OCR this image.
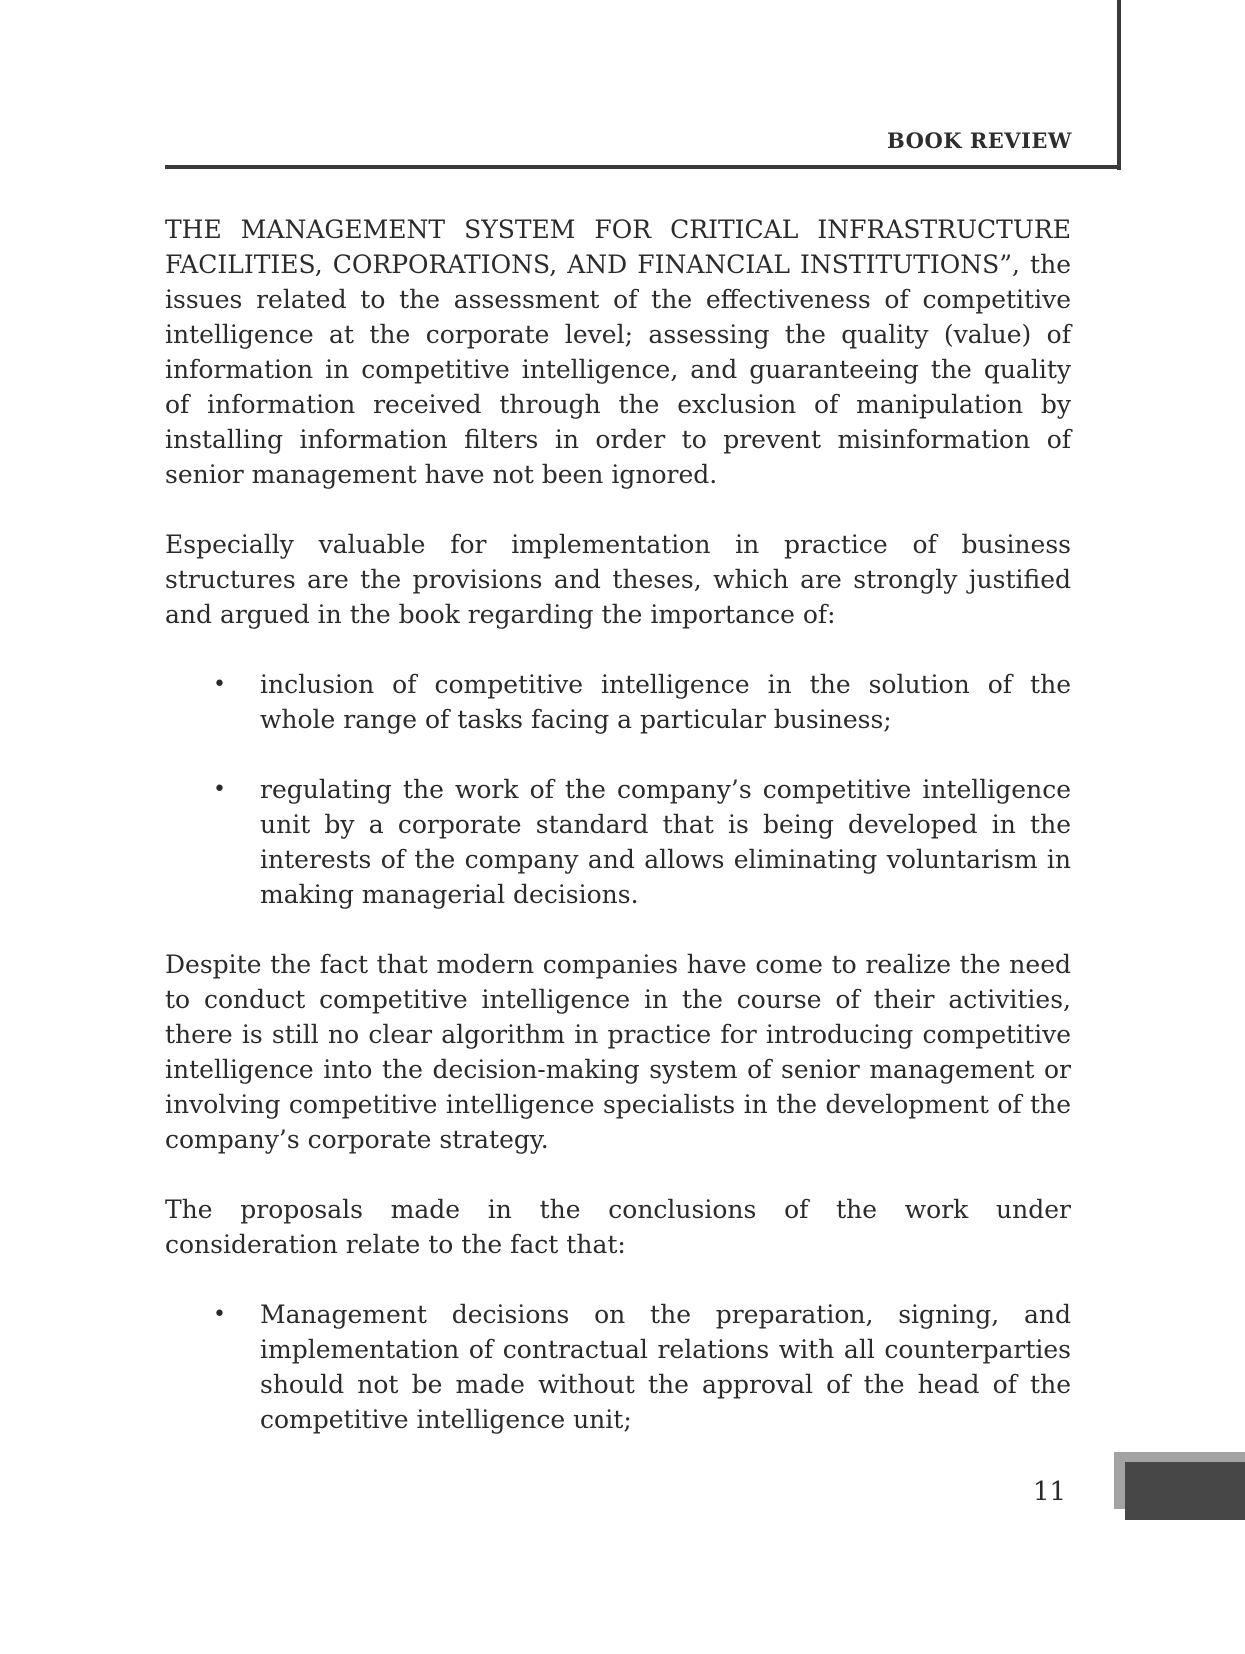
BOOK REVIEW

THE MANAGEMENT SYSTEM FOR CRITICAL INFRASTRUCTURE FACILITIES, CORPORATIONS, AND FINANCIAL INSTITUTIONS”, the issues related to the assessment of the effectiveness of competitive intelligence at the corporate level; assessing the quality (value) of information in competitive intelligence, and guaranteeing the quality of information received through the exclusion of manipulation by installing information filters in order to prevent misinformation of senior management have not been ignored.

Especially valuable for implementation in practice of business structures are the provisions and theses, which are strongly justified and argued in the book regarding the importance of:

• inclusion of competitive intelligence in the solution of the whole range of tasks facing a particular business;
• regulating the work of the company’s competitive intelligence unit by a corporate standard that is being developed in the interests of the company and allows eliminating voluntarism in making managerial decisions.

Despite the fact that modern companies have come to realize the need to conduct competitive intelligence in the course of their activities, there is still no clear algorithm in practice for introducing competitive intelligence into the decision-making system of senior management or involving competitive intelligence specialists in the development of the company’s corporate strategy.

The proposals made in the conclusions of the work under consideration relate to the fact that:

• Management decisions on the preparation, signing, and implementation of contractual relations with all counterparties should not be made without the approval of the head of the competitive intelligence unit;
11
